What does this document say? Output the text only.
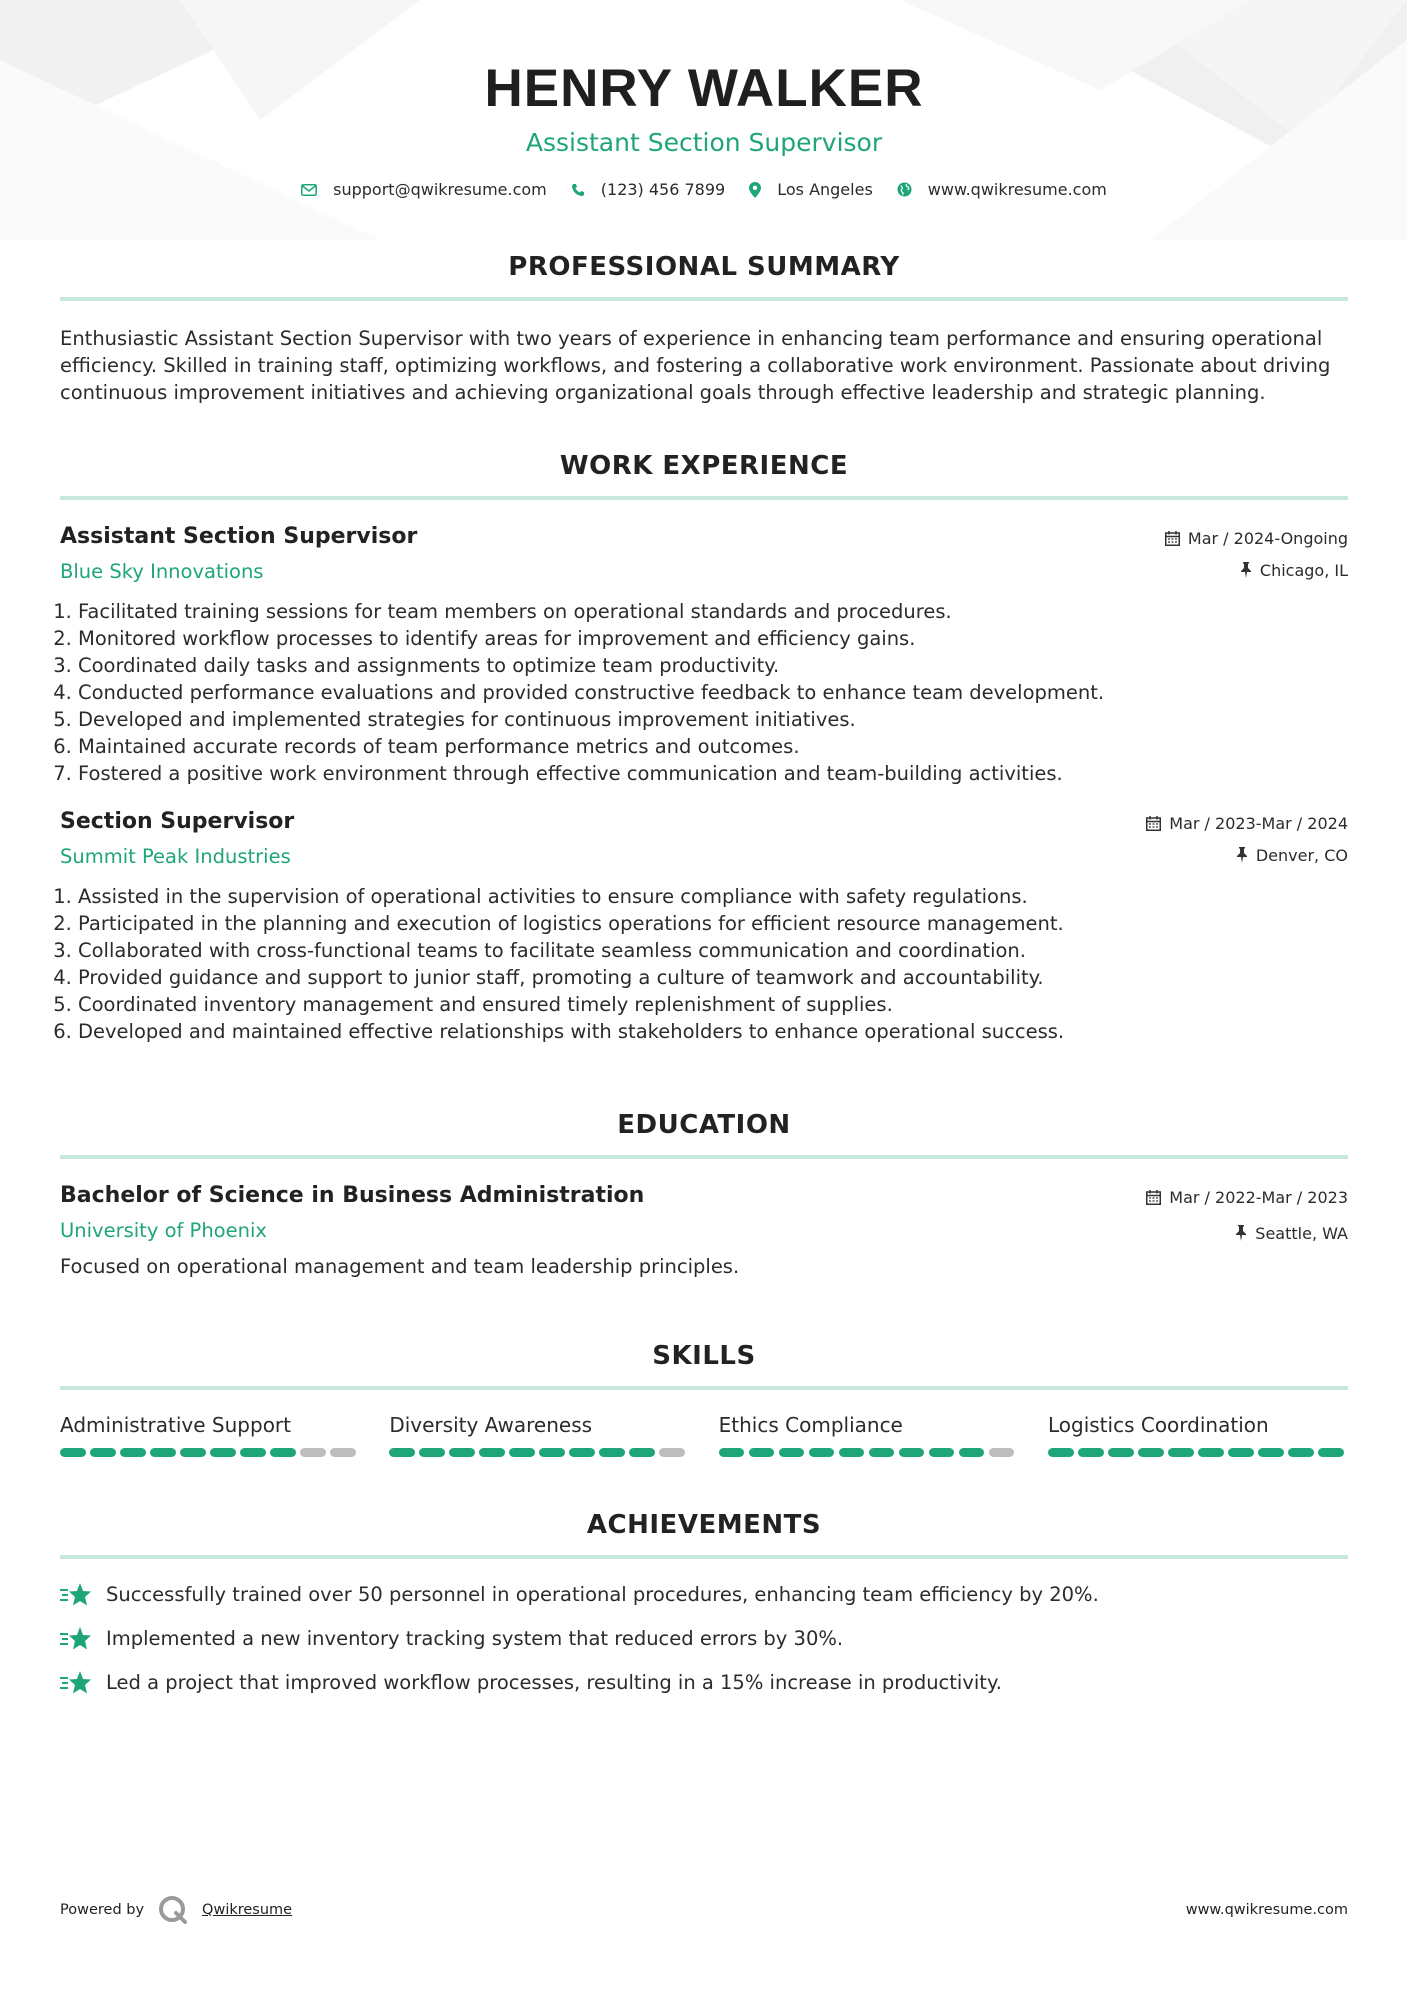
HENRY WALKER
Assistant Section Supervisor
support@qwikresume.com	(123) 456 7899	Los Angeles	www.qwikresume.com
PROFESSIONAL SUMMARY
Enthusiastic Assistant Section Supervisor with two years of experience in enhancing team performance and ensuring operational efficiency. Skilled in training staff, optimizing workflows, and fostering a collaborative work environment. Passionate about driving continuous improvement initiatives and achieving organizational goals through effective leadership and strategic planning.
WORK EXPERIENCE
Assistant Section Supervisor
Blue Sky Innovations
Mar / 2024-Ongoing
Chicago, IL
1. Facilitated training sessions for team members on operational standards and procedures.
2. Monitored workflow processes to identify areas for improvement and efficiency gains.
3. Coordinated daily tasks and assignments to optimize team productivity.
4. Conducted performance evaluations and provided constructive feedback to enhance team development.
5. Developed and implemented strategies for continuous improvement initiatives.
6. Maintained accurate records of team performance metrics and outcomes.
7. Fostered a positive work environment through effective communication and team-building activities.
Section Supervisor
Summit Peak Industries
Mar / 2023-Mar / 2024
Denver, CO
1. Assisted in the supervision of operational activities to ensure compliance with safety regulations.
2. Participated in the planning and execution of logistics operations for efficient resource management.
3. Collaborated with cross-functional teams to facilitate seamless communication and coordination.
4. Provided guidance and support to junior staff, promoting a culture of teamwork and accountability.
5. Coordinated inventory management and ensured timely replenishment of supplies.
6. Developed and maintained effective relationships with stakeholders to enhance operational success.
EDUCATION
Bachelor of Science in Business Administration
University of Phoenix
Mar / 2022-Mar / 2023
Seattle, WA
Focused on operational management and team leadership principles.
SKILLS
Administrative Support	Diversity Awareness	Ethics Compliance	Logistics Coordination
ACHIEVEMENTS
Successfully trained over 50 personnel in operational procedures, enhancing team efficiency by 20%.
Implemented a new inventory tracking system that reduced errors by 30%.
Led a project that improved workflow processes, resulting in a 15% increase in productivity.
Powered by	Qwikresume	www.qwikresume.com
